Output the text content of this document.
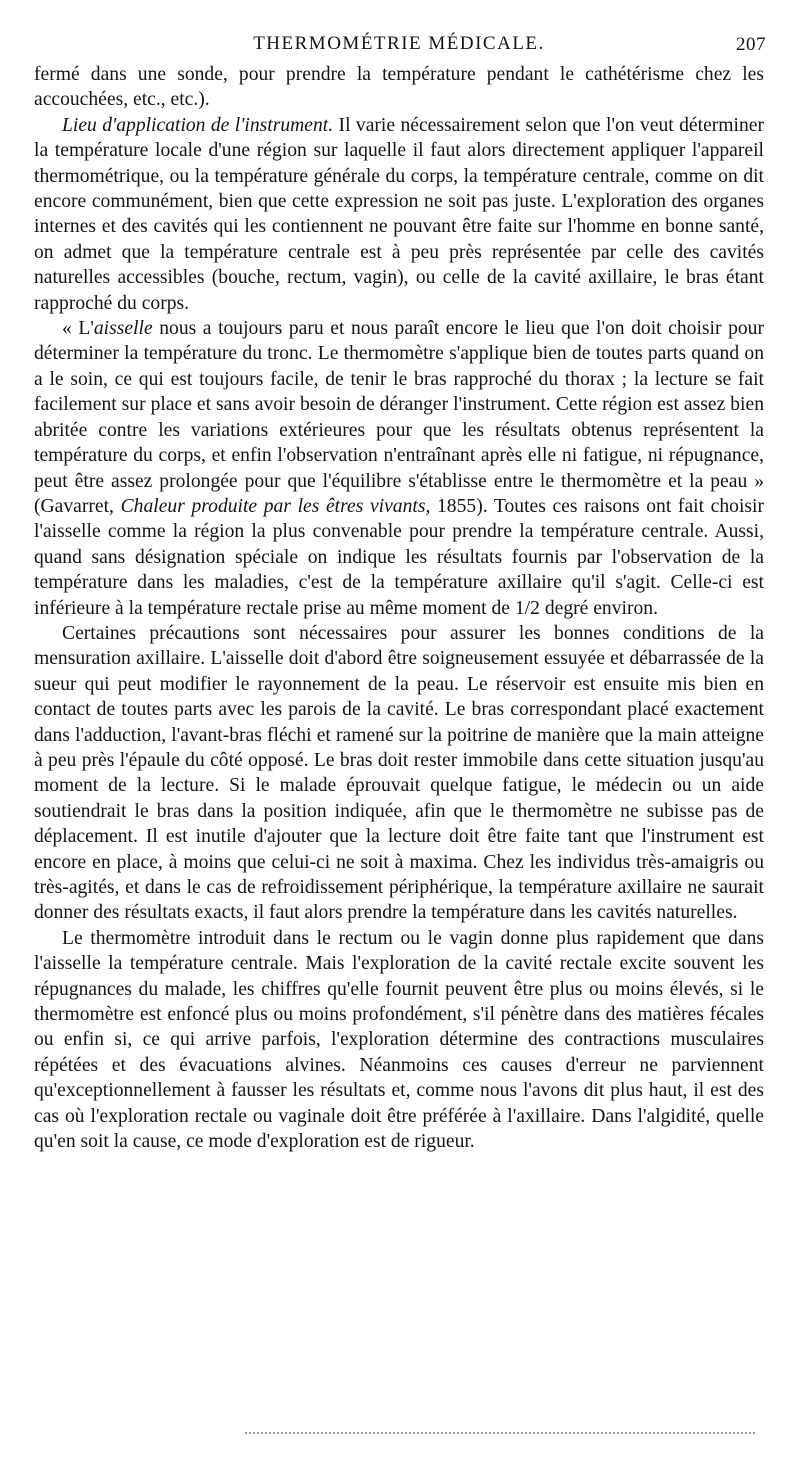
THERMOMÉTRIE MÉDICALE.	207

fermé dans une sonde, pour prendre la température pendant le cathétérisme chez les accouchées, etc., etc.).

Lieu d'application de l'instrument. Il varie nécessairement selon que l'on veut déterminer la température locale d'une région sur laquelle il faut alors directement appliquer l'appareil thermométrique, ou la température générale du corps, la température centrale, comme on dit encore communément, bien que cette expression ne soit pas juste. L'exploration des organes internes et des cavités qui les contiennent ne pouvant être faite sur l'homme en bonne santé, on admet que la température centrale est à peu près représentée par celle des cavités naturelles accessibles (bouche, rectum, vagin), ou celle de la cavité axillaire, le bras étant rapproché du corps.

« L'aisselle nous a toujours paru et nous paraît encore le lieu que l'on doit choisir pour déterminer la température du tronc. Le thermomètre s'applique bien de toutes parts quand on a le soin, ce qui est toujours facile, de tenir le bras rapproché du thorax ; la lecture se fait facilement sur place et sans avoir besoin de déranger l'instrument. Cette région est assez bien abritée contre les variations extérieures pour que les résultats obtenus représentent la température du corps, et enfin l'observation n'entraînant après elle ni fatigue, ni répugnance, peut être assez prolongée pour que l'équilibre s'établisse entre le thermomètre et la peau » (Gavarret, Chaleur produite par les êtres vivants, 1855). Toutes ces raisons ont fait choisir l'aisselle comme la région la plus convenable pour prendre la température centrale. Aussi, quand sans désignation spéciale on indique les résultats fournis par l'observation de la température dans les maladies, c'est de la température axillaire qu'il s'agit. Celle-ci est inférieure à la température rectale prise au même moment de 1/2 degré environ.

Certaines précautions sont nécessaires pour assurer les bonnes conditions de la mensuration axillaire. L'aisselle doit d'abord être soigneusement essuyée et débarrassée de la sueur qui peut modifier le rayonnement de la peau. Le réservoir est ensuite mis bien en contact de toutes parts avec les parois de la cavité. Le bras correspondant placé exactement dans l'adduction, l'avant-bras fléchi et ramené sur la poitrine de manière que la main atteigne à peu près l'épaule du côté opposé. Le bras doit rester immobile dans cette situation jusqu'au moment de la lecture. Si le malade éprouvait quelque fatigue, le médecin ou un aide soutiendrait le bras dans la position indiquée, afin que le thermomètre ne subisse pas de déplacement. Il est inutile d'ajouter que la lecture doit être faite tant que l'instrument est encore en place, à moins que celui-ci ne soit à maxima. Chez les individus très-amaigris ou très-agités, et dans le cas de refroidissement périphérique, la température axillaire ne saurait donner des résultats exacts, il faut alors prendre la température dans les cavités naturelles.

Le thermomètre introduit dans le rectum ou le vagin donne plus rapidement que dans l'aisselle la température centrale. Mais l'exploration de la cavité rectale excite souvent les répugnances du malade, les chiffres qu'elle fournit peuvent être plus ou moins élevés, si le thermomètre est enfoncé plus ou moins profondément, s'il pénètre dans des matières fécales ou enfin si, ce qui arrive parfois, l'exploration détermine des contractions musculaires répétées et des évacuations alvines. Néanmoins ces causes d'erreur ne parviennent qu'exceptionnellement à fausser les résultats et, comme nous l'avons dit plus haut, il est des cas où l'exploration rectale ou vaginale doit être préférée à l'axillaire. Dans l'algidité, quelle qu'en soit la cause, ce mode d'exploration est de rigueur.
